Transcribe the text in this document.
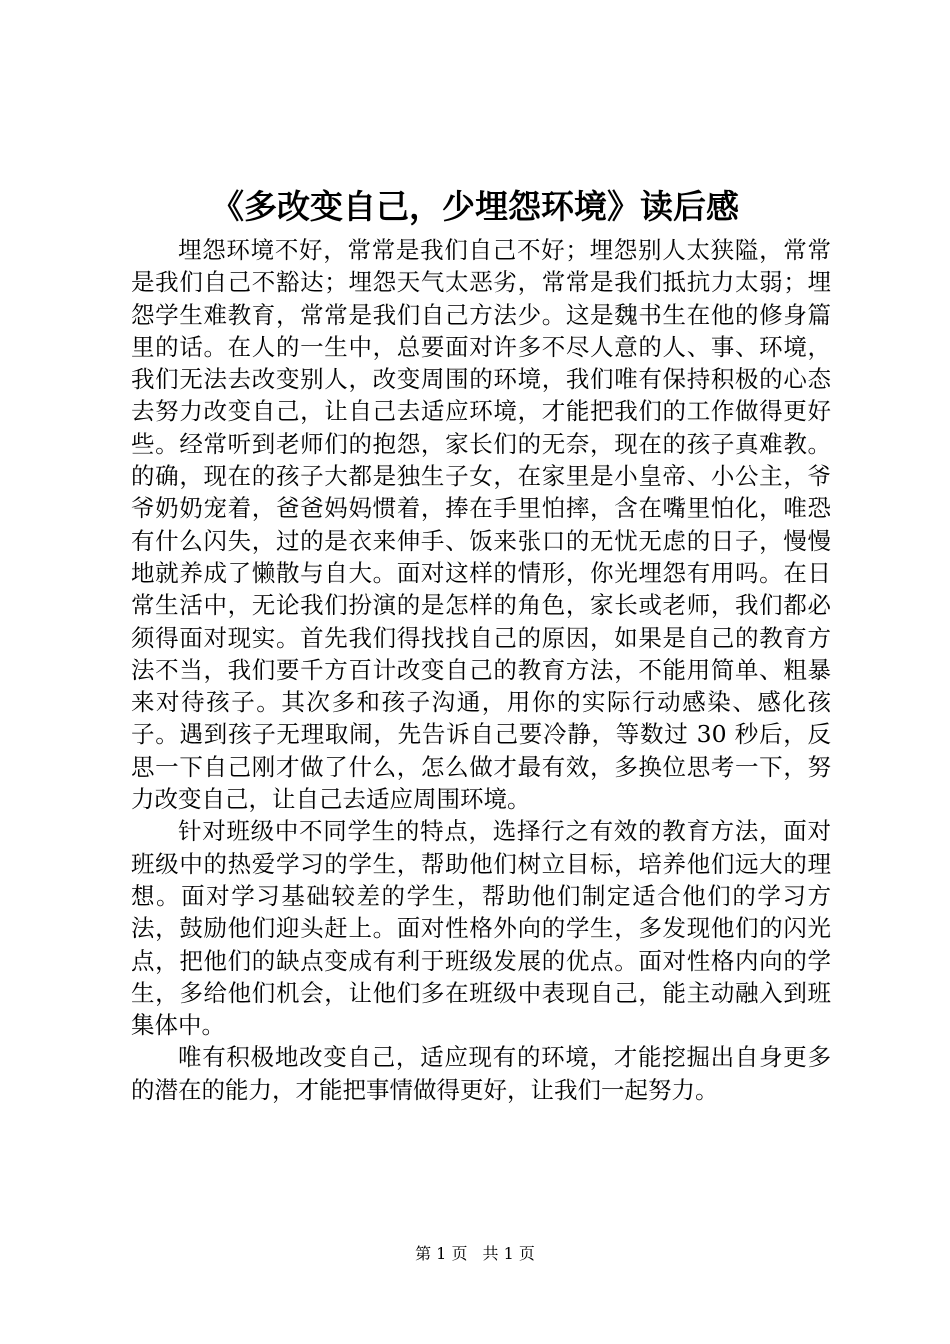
《多改变自己，少埋怨环境》读后感

埋怨环境不好，常常是我们自己不好；埋怨别人太狭隘，常常是我们自己不豁达；埋怨天气太恶劣，常常是我们抵抗力太弱；埋怨学生难教育，常常是我们自己方法少。这是魏书生在他的修身篇里的话。在人的一生中，总要面对许多不尽人意的人、事、环境，我们无法去改变别人，改变周围的环境，我们唯有保持积极的心态去努力改变自己，让自己去适应环境，才能把我们的工作做得更好些。经常听到老师们的抱怨，家长们的无奈，现在的孩子真难教。的确，现在的孩子大都是独生子女，在家里是小皇帝、小公主，爷爷奶奶宠着，爸爸妈妈惯着，捧在手里怕摔，含在嘴里怕化，唯恐有什么闪失，过的是衣来伸手、饭来张口的无忧无虑的日子，慢慢地就养成了懒散与自大。面对这样的情形，你光埋怨有用吗。在日常生活中，无论我们扮演的是怎样的角色，家长或老师，我们都必须得面对现实。首先我们得找找自己的原因，如果是自己的教育方法不当，我们要千方百计改变自己的教育方法，不能用简单、粗暴来对待孩子。其次多和孩子沟通，用你的实际行动感染、感化孩子。遇到孩子无理取闹，先告诉自己要冷静，等数过 30 秒后，反思一下自己刚才做了什么，怎么做才最有效，多换位思考一下，努力改变自己，让自己去适应周围环境。

针对班级中不同学生的特点，选择行之有效的教育方法，面对班级中的热爱学习的学生，帮助他们树立目标，培养他们远大的理想。面对学习基础较差的学生，帮助他们制定适合他们的学习方法，鼓励他们迎头赶上。面对性格外向的学生，多发现他们的闪光点，把他们的缺点变成有利于班级发展的优点。面对性格内向的学生，多给他们机会，让他们多在班级中表现自己，能主动融入到班集体中。

唯有积极地改变自己，适应现有的环境，才能挖掘出自身更多的潜在的能力，才能把事情做得更好，让我们一起努力。

第 1 页 共 1 页
